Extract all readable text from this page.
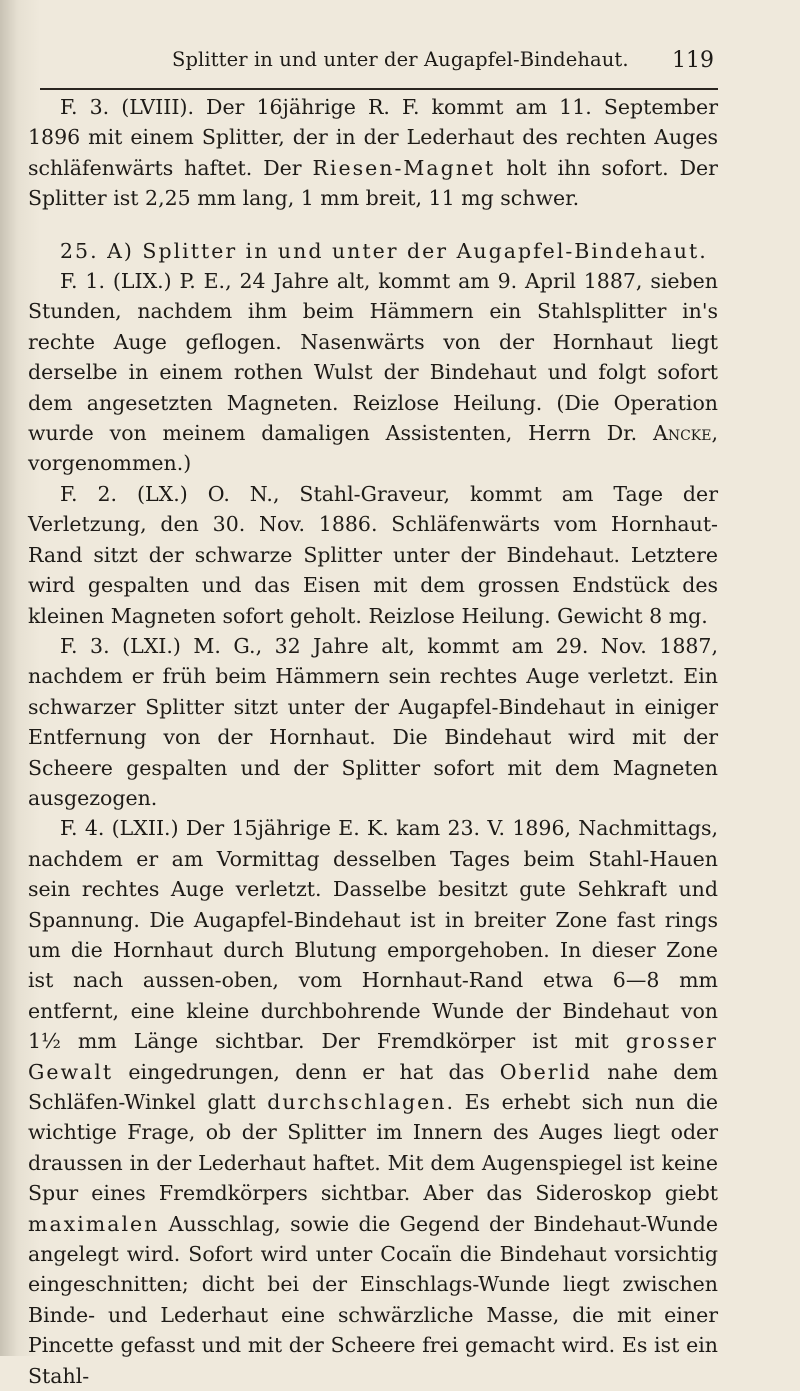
Splitter in und unter der Augapfel-Bindehaut. 119

F. 3. (LVIII). Der 16jährige R. F. kommt am 11. September 1896 mit einem Splitter, der in der Lederhaut des rechten Auges schläfenwärts haftet. Der Riesen-Magnet holt ihn sofort. Der Splitter ist 2,25 mm lang, 1 mm breit, 11 mg schwer.

25. A) Splitter in und unter der Augapfel-Bindehaut.

F. 1. (LIX.) P. E., 24 Jahre alt, kommt am 9. April 1887, sieben Stunden, nachdem ihm beim Hämmern ein Stahlsplitter in's rechte Auge geflogen. Nasenwärts von der Hornhaut liegt derselbe in einem rothen Wulst der Bindehaut und folgt sofort dem angesetzten Magneten. Reizlose Heilung. (Die Operation wurde von meinem damaligen Assistenten, Herrn Dr. Ancke, vorgenommen.)

F. 2. (LX.) O. N., Stahl-Graveur, kommt am Tage der Verletzung, den 30. Nov. 1886. Schläfenwärts vom Hornhaut-Rand sitzt der schwarze Splitter unter der Bindehaut. Letztere wird gespalten und das Eisen mit dem grossen Endstück des kleinen Magneten sofort geholt. Reizlose Heilung. Gewicht 8 mg.

F. 3. (LXI.) M. G., 32 Jahre alt, kommt am 29. Nov. 1887, nachdem er früh beim Hämmern sein rechtes Auge verletzt. Ein schwarzer Splitter sitzt unter der Augapfel-Bindehaut in einiger Entfernung von der Hornhaut. Die Bindehaut wird mit der Scheere gespalten und der Splitter sofort mit dem Magneten ausgezogen.

F. 4. (LXII.) Der 15jährige E. K. kam 23. V. 1896, Nachmittags, nachdem er am Vormittag desselben Tages beim Stahl-Hauen sein rechtes Auge verletzt. Dasselbe besitzt gute Sehkraft und Spannung. Die Augapfel-Bindehaut ist in breiter Zone fast rings um die Hornhaut durch Blutung emporgehoben. In dieser Zone ist nach aussen-oben, vom Hornhaut-Rand etwa 6—8 mm entfernt, eine kleine durchbohrende Wunde der Bindehaut von 1½ mm Länge sichtbar. Der Fremdkörper ist mit grosser Gewalt eingedrungen, denn er hat das Oberlid nahe dem Schläfen-Winkel glatt durchschlagen. Es erhebt sich nun die wichtige Frage, ob der Splitter im Innern des Auges liegt oder draussen in der Lederhaut haftet. Mit dem Augenspiegel ist keine Spur eines Fremdkörpers sichtbar. Aber das Sideroskop giebt maximalen Ausschlag, sowie die Gegend der Bindehaut-Wunde angelegt wird. Sofort wird unter Cocaïn die Bindehaut vorsichtig eingeschnitten; dicht bei der Einschlags-Wunde liegt zwischen Binde- und Lederhaut eine schwärzliche Masse, die mit einer Pincette gefasst und mit der Scheere frei gemacht wird. Es ist ein Stahl-
